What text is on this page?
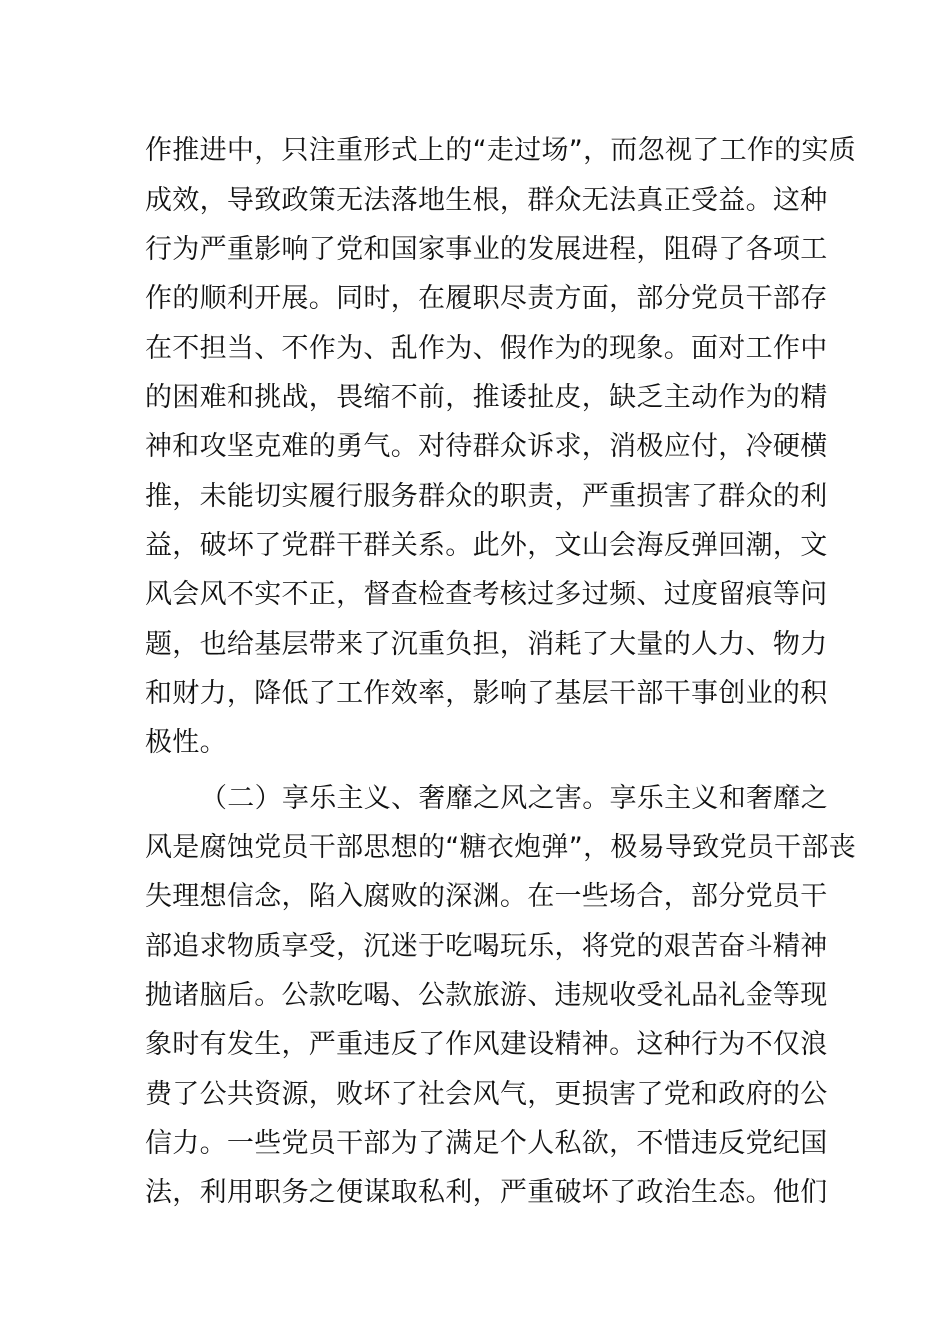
作推进中，只注重形式上的“走过场”，而忽视了工作的实质
成效，导致政策无法落地生根，群众无法真正受益。这种
行为严重影响了党和国家事业的发展进程，阻碍了各项工
作的顺利开展。同时，在履职尽责方面，部分党员干部存
在不担当、不作为、乱作为、假作为的现象。面对工作中
的困难和挑战，畏缩不前，推诿扯皮，缺乏主动作为的精
神和攻坚克难的勇气。对待群众诉求，消极应付，冷硬横
推，未能切实履行服务群众的职责，严重损害了群众的利
益，破坏了党群干群关系。此外，文山会海反弹回潮，文
风会风不实不正，督查检查考核过多过频、过度留痕等问
题，也给基层带来了沉重负担，消耗了大量的人力、物力
和财力，降低了工作效率，影响了基层干部干事创业的积
极性。
（二）享乐主义、奢靡之风之害。享乐主义和奢靡之
风是腐蚀党员干部思想的“糖衣炮弹”，极易导致党员干部丧
失理想信念，陷入腐败的深渊。在一些场合，部分党员干
部追求物质享受，沉迷于吃喝玩乐，将党的艰苦奋斗精神
抛诸脑后。公款吃喝、公款旅游、违规收受礼品礼金等现
象时有发生，严重违反了作风建设精神。这种行为不仅浪
费了公共资源，败坏了社会风气，更损害了党和政府的公
信力。一些党员干部为了满足个人私欲，不惜违反党纪国
法，利用职务之便谋取私利，严重破坏了政治生态。他们
